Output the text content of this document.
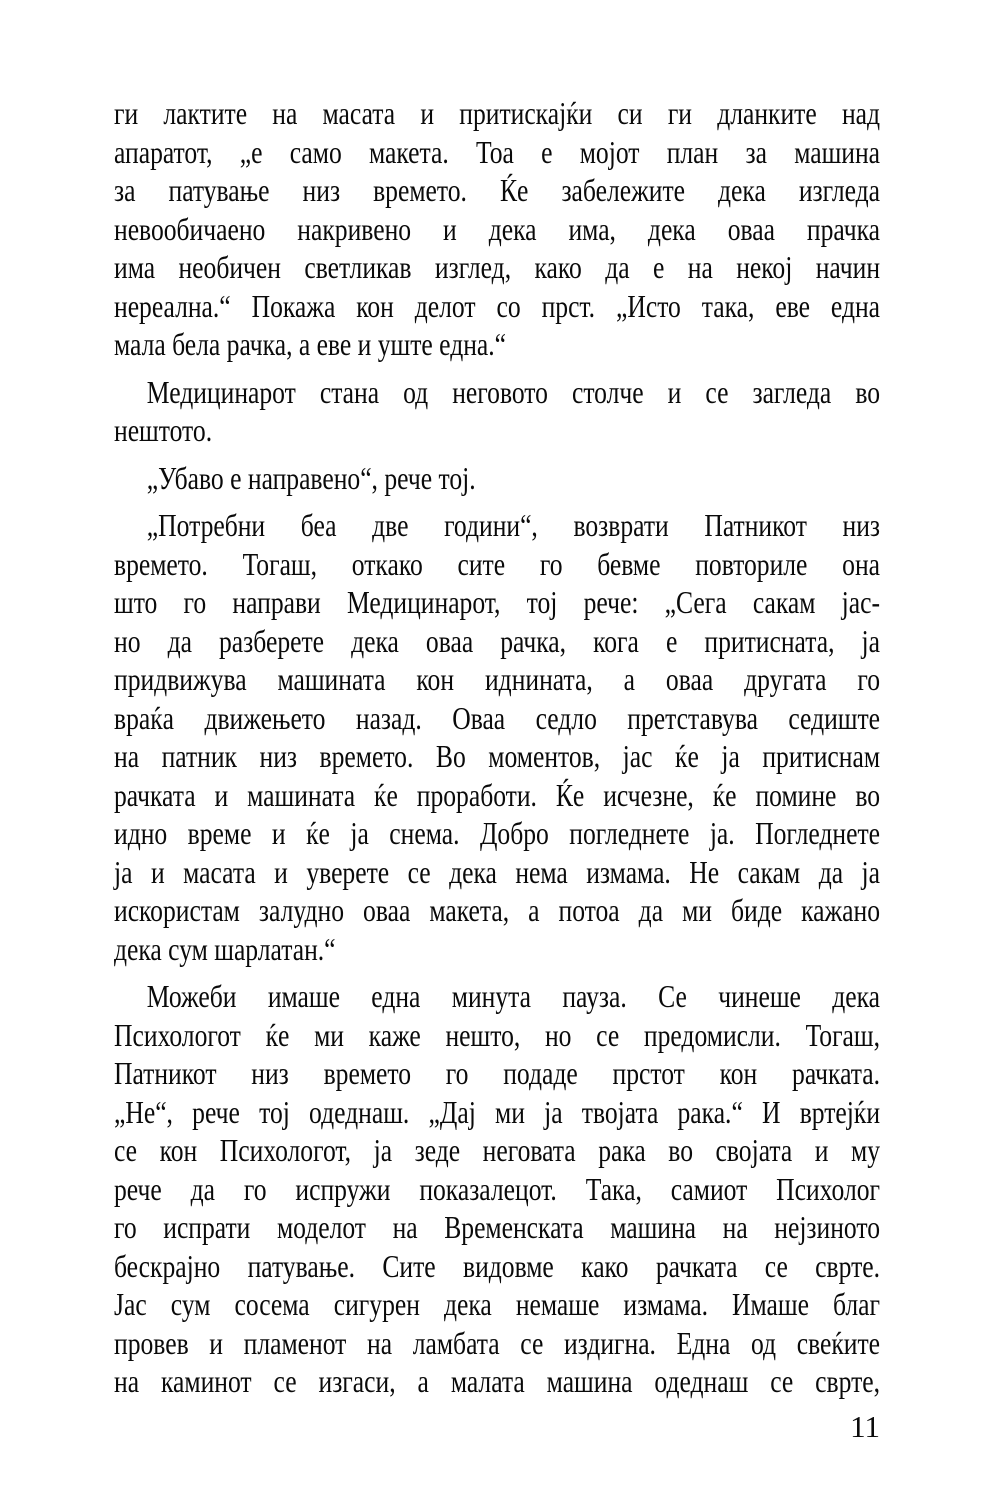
ги лактите на масата и притискајќи си ги дланките над
апаратот, „е само макета. Тоа е мојот план за машина
за патување низ времето. Ќе забележите дека изгледа
невообичаено накривено и дека има, дека оваа прачка
има необичен светликав изглед, како да е на некој начин
нереална.“ Покажа кон делот со прст. „Исто така, еве една
мала бела рачка, а еве и уште една.“
Медицинарот стана од неговото столче и се загледа во
нештото.
„Убаво е направено“, рече тој.
„Потребни беа две години“, возврати Патникот низ
времето. Тогаш, откако сите го бевме повториле она
што го направи Медицинарот, тој рече: „Сега сакам јас-
но да разберете дека оваа рачка, кога е притисната, ја
придвижува машината кон иднината, а оваа другата го
враќа движењето назад. Оваа седло претставува седиште
на патник низ времето. Во моментов, јас ќе ја притиснам
рачката и машината ќе проработи. Ќе исчезне, ќе помине во
идно време и ќе ја снема. Добро погледнете ја. Погледнете
ја и масата и уверете се дека нема измама. Не сакам да ја
искористам залудно оваа макета, а потоа да ми биде кажано
дека сум шарлатан.“
Можеби имаше една минута пауза. Се чинеше дека
Психологот ќе ми каже нешто, но се предомисли. Тогаш,
Патникот низ времето го подаде прстот кон рачката.
„Не“, рече тој одеднаш. „Дај ми ја твојата рака.“ И вртејќи
се кон Психологот, ја зеде неговата рака во својата и му
рече да го испружи показалецот. Така, самиот Психолог
го испрати моделот на Временската машина на нејзиното
бескрајно патување. Сите видовме како рачката се сврте.
Јас сум сосема сигурен дека немаше измама. Имаше благ
провев и пламенот на ламбата се издигна. Една од свеќите
на каминот се изгаси, а малата машина одеднаш се сврте,
11
